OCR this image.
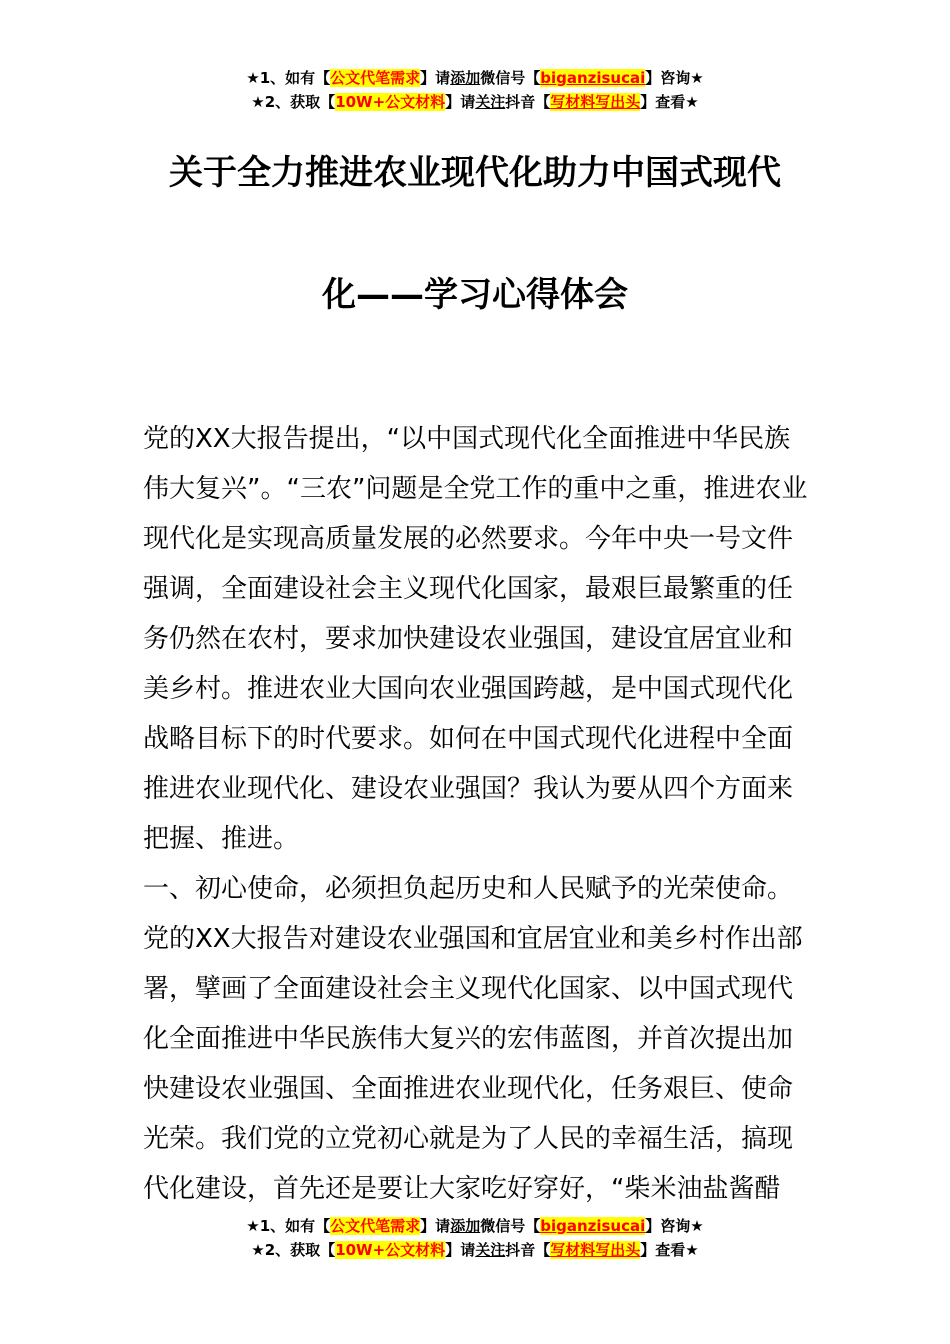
★1、如有【公文代笔需求】请添加微信号【biganzisucai】咨询★
★2、获取【10W+公文材料】请关注抖音【写材料写出头】查看★
关于全力推进农业现代化助力中国式现代
化——学习心得体会

党的XX大报告提出，“以中国式现代化全面推进中华民族伟大复兴”。“三农”问题是全党工作的重中之重，推进农业现代化是实现高质量发展的必然要求。今年中央一号文件强调，全面建设社会主义现代化国家，最艰巨最繁重的任务仍然在农村，要求加快建设农业强国，建设宜居宜业和美乡村。推进农业大国向农业强国跨越，是中国式现代化战略目标下的时代要求。如何在中国式现代化进程中全面推进农业现代化、建设农业强国？我认为要从四个方面来把握、推进。

一、初心使命，必须担负起历史和人民赋予的光荣使命。

党的XX大报告对建设农业强国和宜居宜业和美乡村作出部署，擘画了全面建设社会主义现代化国家、以中国式现代化全面推进中华民族伟大复兴的宏伟蓝图，并首次提出加快建设农业强国、全面推进农业现代化，任务艰巨、使命光荣。我们党的立党初心就是为了人民的幸福生活，搞现代化建设，首先还是要让大家吃好穿好，“柴米油盐酱醋

★1、如有【公文代笔需求】请添加微信号【biganzisucai】咨询★
★2、获取【10W+公文材料】请关注抖音【写材料写出头】查看★
